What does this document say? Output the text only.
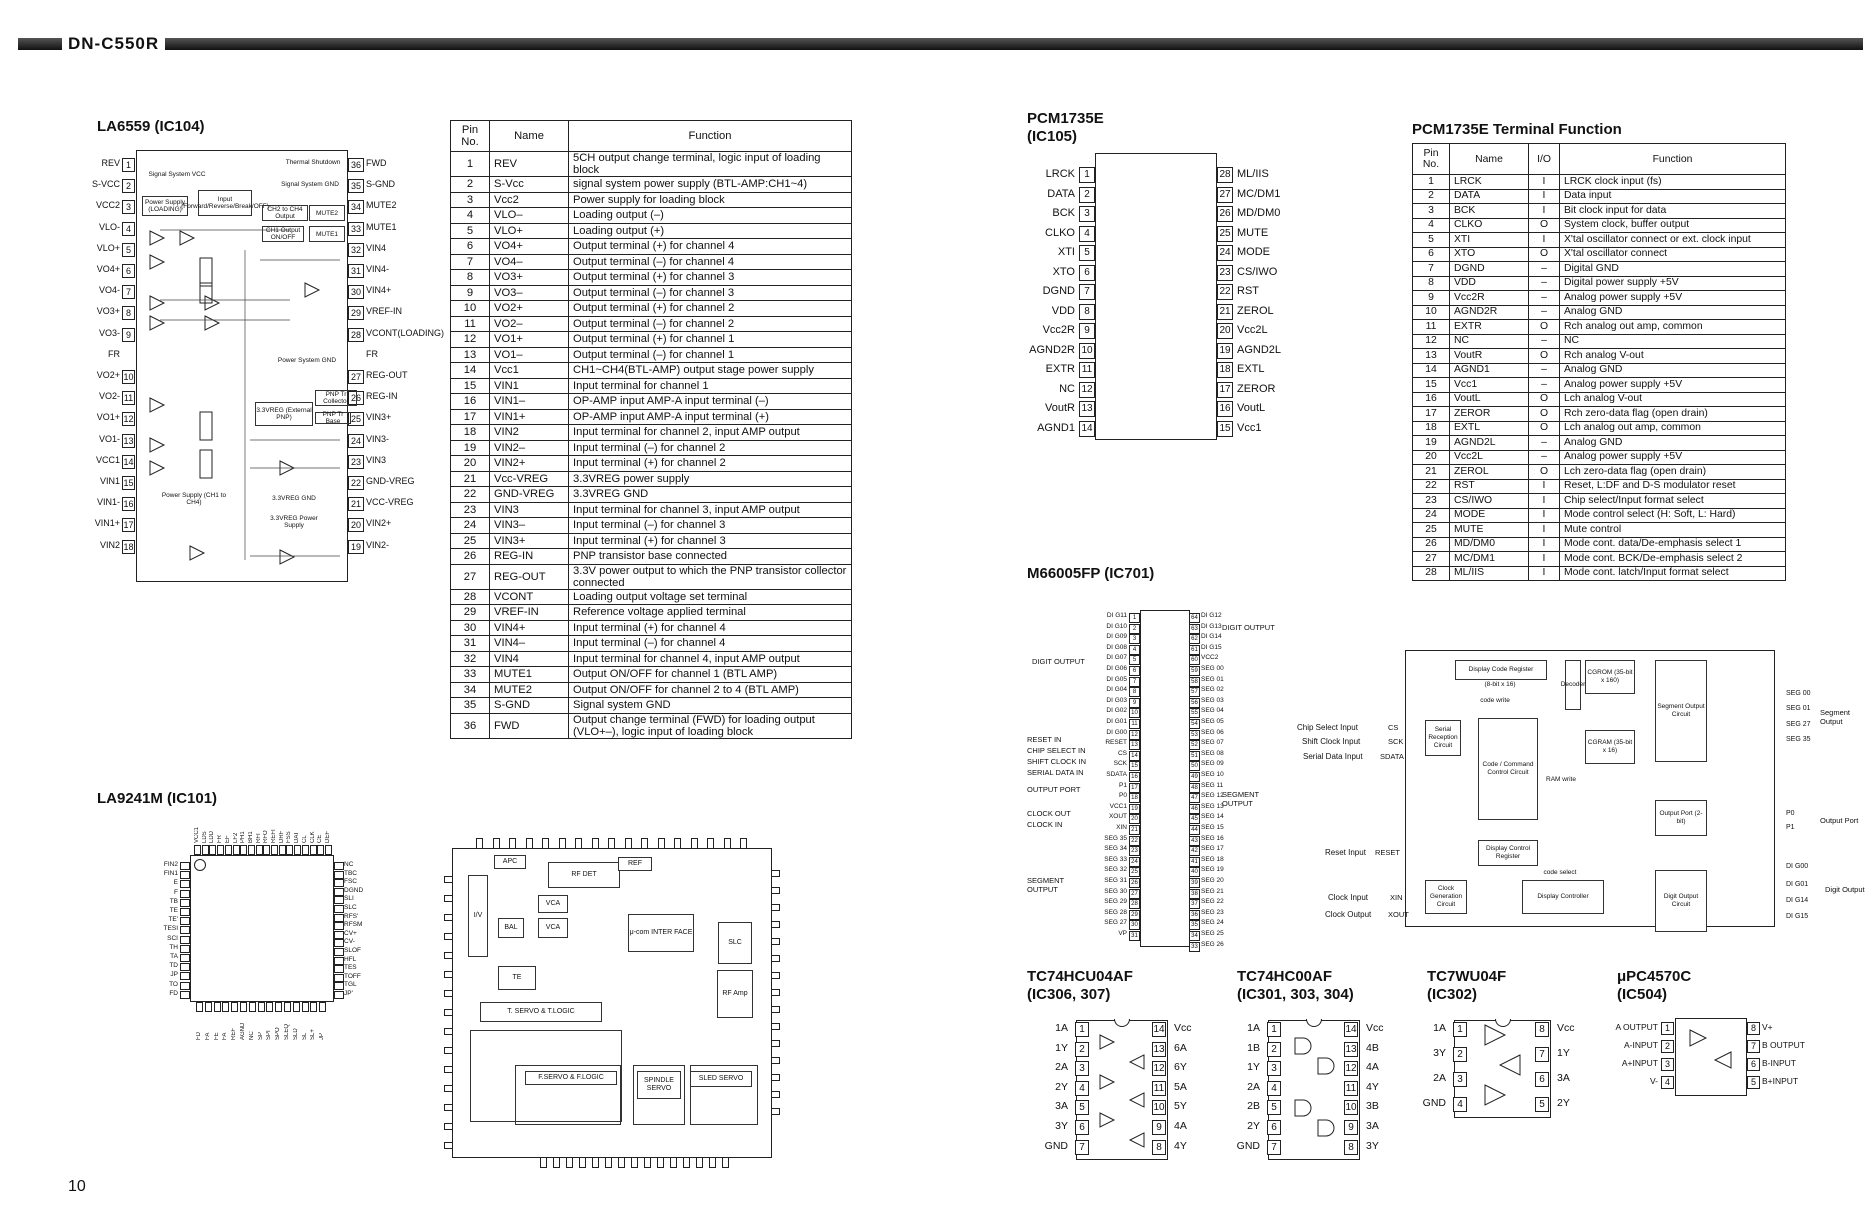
DN-C550R
LA6559 (IC104)
1
REV
2
S-VCC
3
VCC2
4
VLO-
5
VLO+
6
VO4+
7
VO4-
8
VO3+
9
VO3-
FR
10
VO2+
11
VO2-
12
VO1+
13
VO1-
14
VCC1
15
VIN1
16
VIN1-
17
VIN1+
18
VIN2
36 FWD
35 S-GND
34 MUTE2
33 MUTE1
32 VIN4
31 VIN4-
30 VIN4+
29 VREF-IN
28 VCONT(LOADING)
FR
27 REG-OUT
26 REG-IN
25 VIN3+
24 VIN3-
23 VIN3
22 GND-VREG
21 VCC-VREG
20 VIN2+
19 VIN2-
Thermal Shutdown
Signal System VCC
Signal System GND
Power Supply (LOADING)
Input (Forward/Reverse/Break/OFF)
CH2 to CH4 Output
CH1 Output ON/OFF
MUTE2
MUTE1
Power System GND
3.3VREG (External PNP)
PNP Tr Collector
PNP Tr Base
Power Supply (CH1 to CH4)
3.3VREG GND
3.3VREG Power Supply
Pin No.	Name	Function
1	REV	5CH output change terminal, logic input of loading block
2	S-Vcc	signal system power supply (BTL-AMP:CH1~4)
3	Vcc2	Power supply for loading block
4	VLO–	Loading output (–)
5	VLO+	Loading output (+)
6	VO4+	Output terminal (+) for channel 4
7	VO4–	Output terminal (–) for channel 4
8	VO3+	Output terminal (+) for channel 3
9	VO3–	Output terminal (–) for channel 3
10	VO2+	Output terminal (+) for channel 2
11	VO2–	Output terminal (–) for channel 2
12	VO1+	Output terminal (+) for channel 1
13	VO1–	Output terminal (–) for channel 1
14	Vcc1	CH1~CH4(BTL-AMP) output stage power supply
15	VIN1	Input terminal for channel 1
16	VIN1–	OP-AMP input AMP-A input terminal (–)
17	VIN1+	OP-AMP input AMP-A input terminal (+)
18	VIN2	Input terminal for channel 2, input AMP output
19	VIN2–	Input terminal (–) for channel 2
20	VIN2+	Input terminal (+) for channel 2
21	Vcc-VREG	3.3VREG power supply
22	GND-VREG	3.3VREG GND
23	VIN3	Input terminal for channel 3, input AMP output
24	VIN3–	Input terminal (–) for channel 3
25	VIN3+	Input terminal (+) for channel 3
26	REG-IN	PNP transistor base connected
27	REG-OUT	3.3V power output to which the PNP transistor collector connected
28	VCONT	Loading output voltage set terminal
29	VREF-IN	Reference voltage applied terminal
30	VIN4+	Input terminal (+) for channel 4
31	VIN4–	Input terminal (–) for channel 4
32	VIN4	Input terminal for channel 4, input AMP output
33	MUTE1	Output ON/OFF for channel 1 (BTL AMP)
34	MUTE2	Output ON/OFF for channel 2 to 4 (BTL AMP)
35	S-GND	Signal system GND
36	FWD	Output change terminal (FWD) for loading output (VLO+–), logic input of loading block
PCM1735E
(IC105)
1
LRCK
2
DATA
3
BCK
4
CLKO
5
XTI
6
XTO
7
DGND
8
VDD
9
Vcc2R
10
AGND2R
11
EXTR
12
NC
13
VoutR
14
AGND1
28 ML/IIS
27 MC/DM1
26 MD/DM0
25 MUTE
24 MODE
23 CS/IWO
22 RST
21 ZEROL
20 Vcc2L
19 AGND2L
18 EXTL
17 ZEROR
16 VoutL
15 Vcc1
PCM1735E Terminal Function
Pin No.	Name	I/O	Function
1	LRCK	I	LRCK clock input (fs)
2	DATA	I	Data input
3	BCK	I	Bit clock input for data
4	CLKO	O	System clock, buffer output
5	XTI	I	X'tal oscillator connect or ext. clock input
6	XTO	O	X'tal oscillator connect
7	DGND	–	Digital GND
8	VDD	–	Digital power supply +5V
9	Vcc2R	–	Analog power supply +5V
10	AGND2R	–	Analog GND
11	EXTR	O	Rch analog out amp, common
12	NC	–	NC
13	VoutR	O	Rch analog V-out
14	AGND1	–	Analog GND
15	Vcc1	–	Analog power supply +5V
16	VoutL	O	Lch analog V-out
17	ZEROR	O	Rch zero-data flag (open drain)
18	EXTL	O	Lch analog out amp, common
19	AGND2L	–	Analog GND
20	Vcc2L	–	Analog power supply +5V
21	ZEROL	O	Lch zero-data flag (open drain)
22	RST	I	Reset, L:DF and D-S modulator reset
23	CS/IWO	I	Chip select/Input format select
24	MODE	I	Mode control select (H: Soft, L: Hard)
25	MUTE	I	Mute control
26	MD/DM0	I	Mode cont. data/De-emphasis select 1
27	MC/DM1	I	Mode cont. BCK/De-emphasis select 2
28	ML/IIS	I	Mode cont. latch/Input format select
M66005FP (IC701)
1
DI G11
2
DI G10
3
DI G09
4
DI G08
5
DI G07
6
DI G06
7
DI G05
8
DI G04
9
DI G03
10
DI G02
11
DI G01
12
DI G00
13
RESET
14
CS
15
SCK
16
SDATA
17
P1
18
P0
19
VCC1
20
XOUT
21
XIN
22
SEG 35
23
SEG 34
24
SEG 33
25
SEG 32
26
SEG 31
27
SEG 30
28
SEG 29
29
SEG 28
30
SEG 27
31
VP
64 DI G12
63 DI G13
62 DI G14
61 DI G15
60 VCC2
59 SEG 00
58 SEG 01
57 SEG 02
56 SEG 03
55 SEG 04
54 SEG 05
53 SEG 06
52 SEG 07
51 SEG 08
50 SEG 09
49 SEG 10
48 SEG 11
47 SEG 12
46 SEG 13
45 SEG 14
44 SEG 15
43 SEG 16
42 SEG 17
41 SEG 18
40 SEG 19
39 SEG 20
38 SEG 21
37 SEG 22
36 SEG 23
35 SEG 24
34 SEG 25
33 SEG 26
DIGIT OUTPUT
RESET IN
CHIP SELECT IN
SHIFT CLOCK IN
SERIAL DATA IN
OUTPUT PORT
CLOCK OUT
CLOCK IN
SEGMENT OUTPUT
DIGIT OUTPUT
SEGMENT OUTPUT
Display Code Register
(8-bit x 16)
code write
Decoder
CGROM (35-bit x 160)
CGRAM (35-bit x 16)
Segment Output Circuit
Serial Reception Circuit
Code / Command Control Circuit
RAM write
Display Control Register
code select
Clock Generation Circuit
Display Controller
Output Port (2-bit)
Digit Output Circuit
Chip Select Input
Shift Clock Input
Serial Data Input
Reset Input
Clock Input
Clock Output
CS
SCK
SDATA
RESET
XIN
XOUT
SEG 00
SEG 01
SEG 27
SEG 35
P0
P1
DI G00
DI G01
DI G14
DI G15
Segment Output
Output Port
Digit Output
LA9241M (IC101)
FIN2
FIN1
E
F
TB
TE
TE'
TESI
SCI
TH
TA
TD
JP
TO
FD
NC
TBC
FSC
DGND
SLI
SLC
RFS'
RFSM
CV+
CV-
SLOF
HFL
TES
TOFF
TGL
JP'
VCC1 LDS LDD FR EF LF2 PH1 BH1 RFI RFO REFI DRF FSS DAT CL CLK CE DEF
FD FA FE FA REF AGND NC SP SPI SPO SLEQ SLD SL SL+ JP
APC
RF DET
REF
I/V
VCA
BAL	VCA
μ-com INTER FACE
SLC
TE
T. SERVO & T.LOGIC
F.SERVO & F.LOGIC	SPINDLE SERVO
SLED SERVO
RF Amp
TC74HCU04AF
(IC306, 307)
1
1A
2
1Y
3
2A
4
2Y
5
3A
6
3Y
7
GND
14 Vcc
13 6A
12 6Y
11 5A
10 5Y
9	4A
8	4Y
TC74HC00AF
(IC301, 303, 304)
1
1A
2
1B
3
1Y
4
2A
5
2B
6
2Y
7
GND
14 Vcc
13 4B
12 4A
11 4Y
10 3B
9	3A
8	3Y
TC7WU04F
(IC302)
1
1A
2
3Y
3
2A
4
GND
8	Vcc
7	1Y
6	3A
5	2Y
μPC4570C
(IC504)
1
A OUTPUT
2
A-INPUT
3
A+INPUT
4
V-
8 V+
7 B OUTPUT
6 B-INPUT
5 B+INPUT
10
